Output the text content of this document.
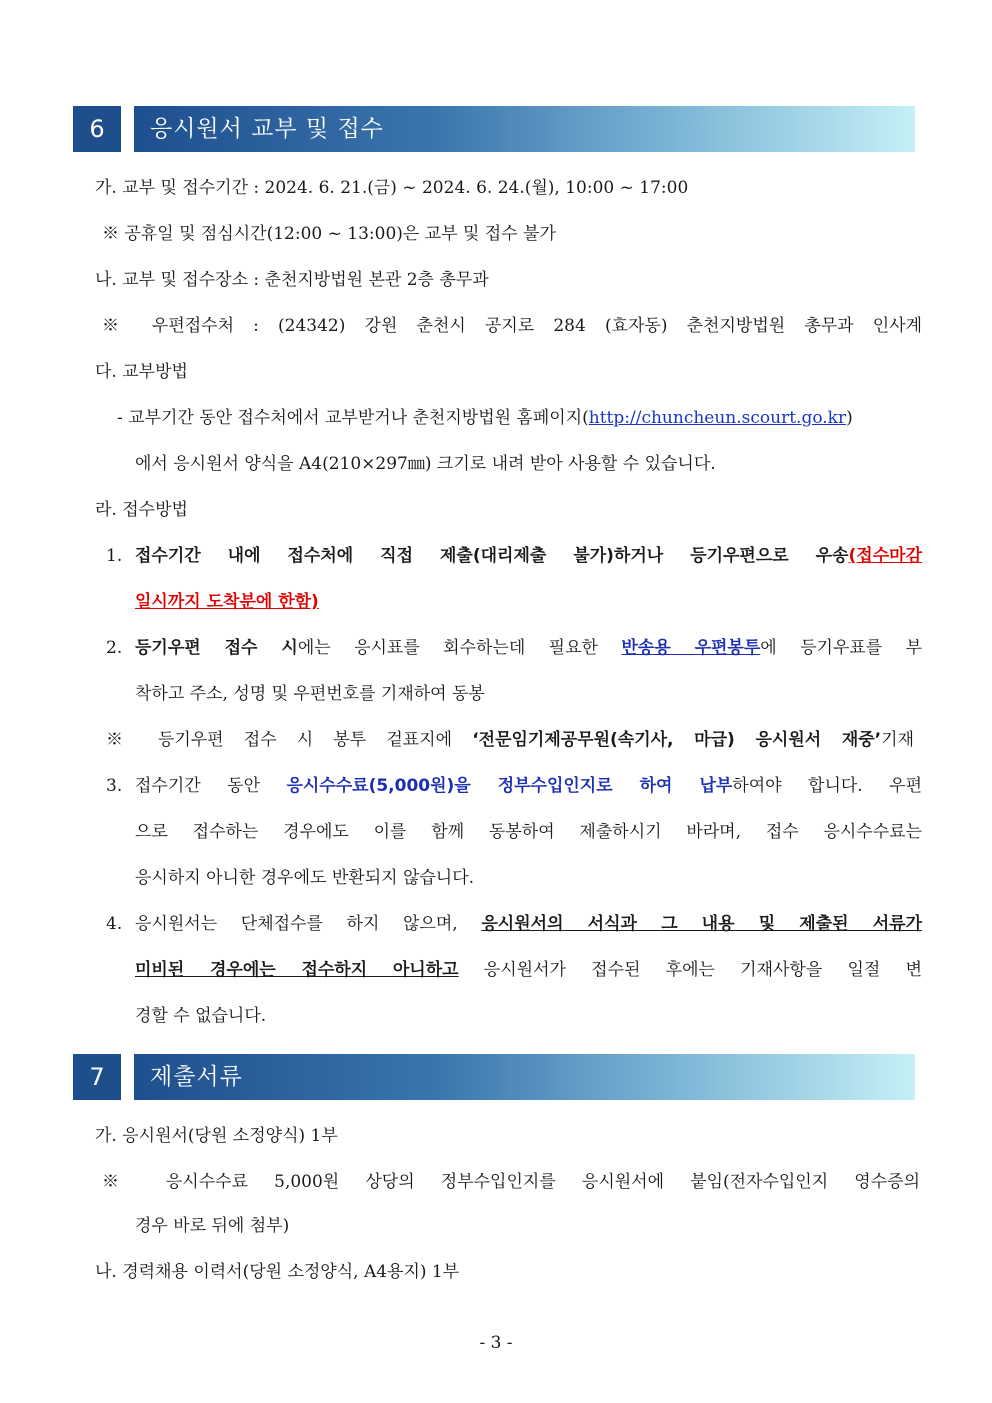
6	응시원서 교부 및 접수
가. 교부 및 접수기간 : 2024. 6. 21.(금) ~ 2024. 6. 24.(월), 10:00 ~ 17:00
※ 공휴일 및 점심시간(12:00 ~ 13:00)은 교부 및 접수 불가
나. 교부 및 접수장소 : 춘천지방법원 본관 2층 총무과
※ 우편접수처 : (24342) 강원 춘천시 공지로 284 (효자동) 춘천지방법원 총무과 인사계
다. 교부방법
- 교부기간 동안 접수처에서 교부받거나 춘천지방법원 홈페이지(http://chuncheun.scourt.go.kr)
에서 응시원서 양식을 A4(210×297㎜) 크기로 내려 받아 사용할 수 있습니다.
라. 접수방법
1. 접수기간 내에 접수처에 직접 제출(대리제출 불가)하거나 등기우편으로 우송(접수마감
일시까지 도착분에 한함)
2. 등기우편 접수 시에는 응시표를 회수하는데 필요한 반송용 우편봉투에 등기우표를 부
착하고 주소, 성명 및 우편번호를 기재하여 동봉
※ 등기우편 접수 시 봉투 겉표지에 ‘전문임기제공무원(속기사, 마급) 응시원서 재중’기재
3. 접수기간 동안 응시수수료(5,000원)을 정부수입인지로 하여 납부하여야 합니다. 우편
으로 접수하는 경우에도 이를 함께 동봉하여 제출하시기 바라며, 접수 응시수수료는
응시하지 아니한 경우에도 반환되지 않습니다.
4. 응시원서는 단체접수를 하지 않으며, 응시원서의 서식과 그 내용 및 제출된 서류가
미비된 경우에는 접수하지 아니하고 응시원서가 접수된 후에는 기재사항을 일절 변
경할 수 없습니다.
7	제출서류
가. 응시원서(당원 소정양식) 1부
※ 응시수수료 5,000원 상당의 정부수입인지를 응시원서에 붙임(전자수입인지 영수증의
경우 바로 뒤에 첨부)
나. 경력채용 이력서(당원 소정양식, A4용지) 1부
- 3 -
